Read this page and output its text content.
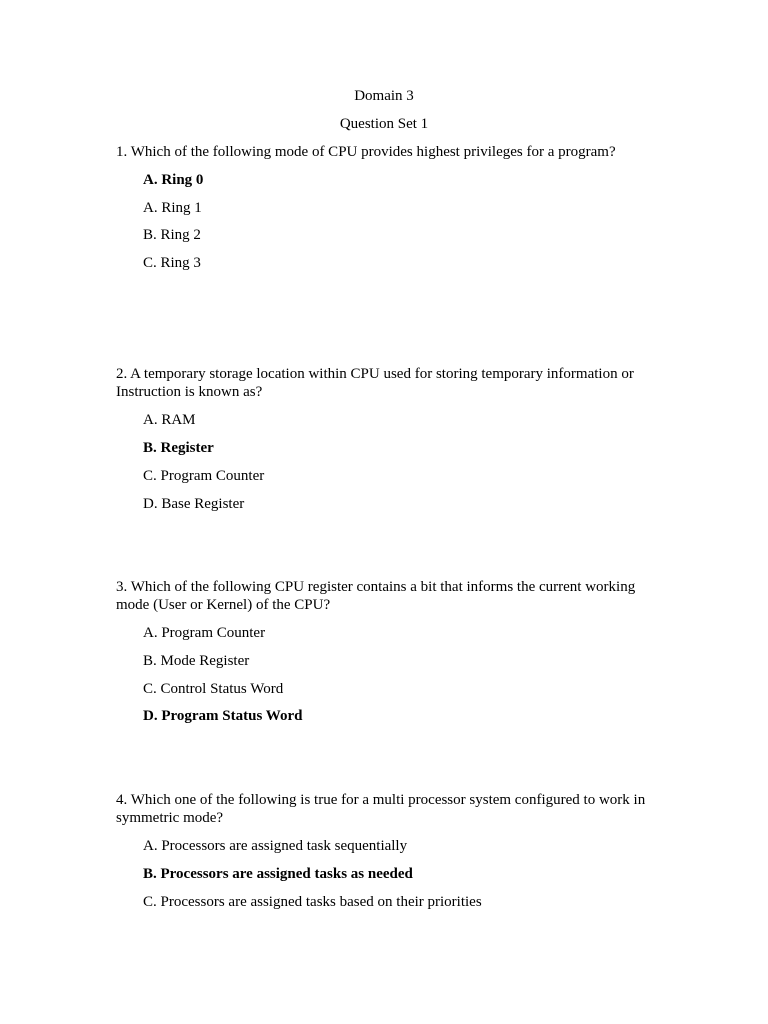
Domain 3
Question Set 1
1. Which of the following mode of CPU provides highest privileges for a program?
A. Ring 0
A. Ring 1
B. Ring 2
C. Ring 3
2. A temporary storage location within CPU used for storing temporary information or Instruction is known as?
A. RAM
B. Register
C. Program Counter
D. Base Register
3. Which of the following CPU register contains a bit that informs the current working mode (User or Kernel) of the CPU?
A. Program Counter
B. Mode Register
C. Control Status Word
D. Program Status Word
4. Which one of the following is true for a multi processor system configured to work in symmetric mode?
A. Processors are assigned task sequentially
B. Processors are assigned tasks as needed
C. Processors are assigned tasks based on their priorities
